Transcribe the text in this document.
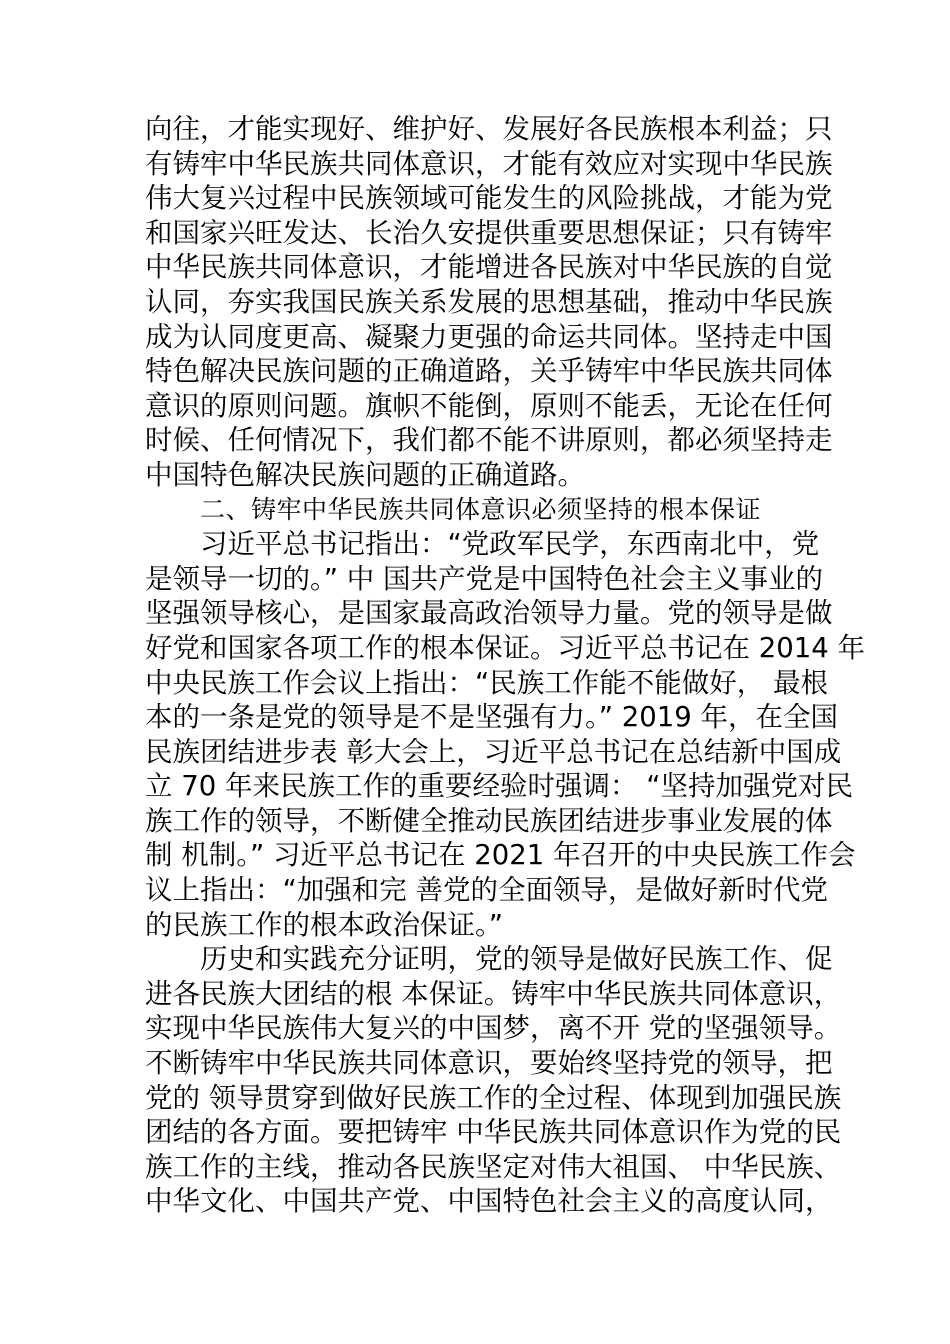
向往，才能实现好、维护好、发展好各民族根本利益；只
有铸牢中华民族共同体意识，才能有效应对实现中华民族
伟大复兴过程中民族领域可能发生的风险挑战，才能为党
和国家兴旺发达、长治久安提供重要思想保证；只有铸牢
中华民族共同体意识，才能增进各民族对中华民族的自觉
认同，夯实我国民族关系发展的思想基础，推动中华民族
成为认同度更高、凝聚力更强的命运共同体。坚持走中国
特色解决民族问题的正确道路，关乎铸牢中华民族共同体
意识的原则问题。旗帜不能倒，原则不能丢，无论在任何
时候、任何情况下，我们都不能不讲原则，都必须坚持走
中国特色解决民族问题的正确道路。
二、铸牢中华民族共同体意识必须坚持的根本保证
习近平总书记指出：“党政军民学，东西南北中，党
是领导一切的。” 中 国共产党是中国特色社会主义事业的
坚强领导核心，是国家最高政治领导力量。党的领导是做
好党和国家各项工作的根本保证。习近平总书记在 2014 年
中央民族工作会议上指出：“民族工作能不能做好， 最根
本的一条是党的领导是不是坚强有力。” 2019 年，在全国
民族团结进步表 彰大会上，习近平总书记在总结新中国成
立 70 年来民族工作的重要经验时强调： “坚持加强党对民
族工作的领导，不断健全推动民族团结进步事业发展的体
制 机制。” 习近平总书记在 2021 年召开的中央民族工作会
议上指出：“加强和完 善党的全面领导，是做好新时代党
的民族工作的根本政治保证。”
历史和实践充分证明，党的领导是做好民族工作、促
进各民族大团结的根 本保证。铸牢中华民族共同体意识，
实现中华民族伟大复兴的中国梦，离不开 党的坚强领导。
不断铸牢中华民族共同体意识，要始终坚持党的领导，把
党的 领导贯穿到做好民族工作的全过程、体现到加强民族
团结的各方面。要把铸牢 中华民族共同体意识作为党的民
族工作的主线，推动各民族坚定对伟大祖国、 中华民族、
中华文化、中国共产党、中国特色社会主义的高度认同，
